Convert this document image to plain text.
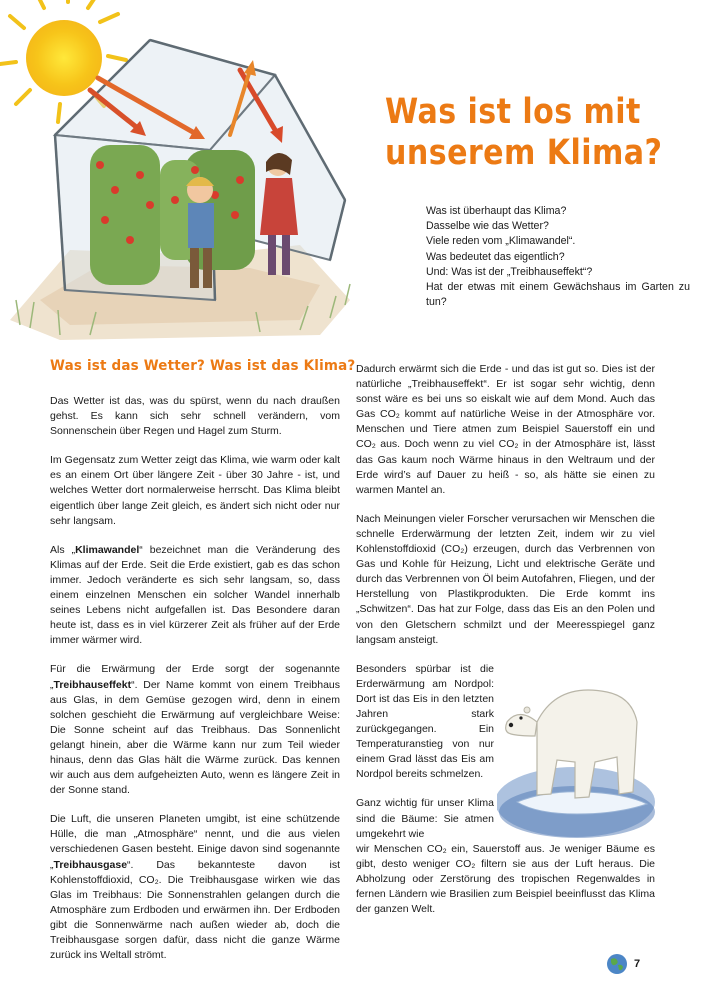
Was ist los mit
unserem Klima?
Was ist überhaupt das Klima?
Dasselbe wie das Wetter?
Viele reden vom „Klimawandel“.
Was bedeutet das eigentlich?
Und: Was ist der „Treibhauseffekt“?
Hat der etwas mit einem Gewächshaus im Garten zu tun?
Was ist das Wetter? Was ist das Klima?

Das Wetter ist das, was du spürst, wenn du nach draußen gehst. Es kann sich sehr schnell verändern, vom Sonnenschein über Regen und Hagel zum Sturm.

Im Gegensatz zum Wetter zeigt das Klima, wie warm oder kalt es an einem Ort über längere Zeit - über 30 Jahre - ist, und welches Wetter dort normalerweise herrscht. Das Klima bleibt eigentlich über lange Zeit gleich, es ändert sich nicht oder nur sehr langsam.

Als „Klimawandel“ bezeichnet man die Veränderung des Klimas auf der Erde. Seit die Erde existiert, gab es das schon immer. Jedoch veränderte es sich sehr langsam, so, dass einem einzelnen Menschen ein solcher Wandel innerhalb seines Lebens nicht aufgefallen ist. Das Besondere daran heute ist, dass es in viel kürzerer Zeit als früher auf der Erde immer wärmer wird.

Für die Erwärmung der Erde sorgt der sogenannte „Treibhauseffekt“. Der Name kommt von einem Treibhaus aus Glas, in dem Gemüse gezogen wird, denn in einem solchen geschieht die Erwärmung auf vergleichbare Weise: Die Sonne scheint auf das Treibhaus. Das Sonnenlicht gelangt hinein, aber die Wärme kann nur zum Teil wieder hinaus, denn das Glas hält die Wärme zurück. Das kennen wir auch aus dem aufgeheizten Auto, wenn es längere Zeit in der Sonne stand.

Die Luft, die unseren Planeten umgibt, ist eine schützende Hülle, die man „Atmosphäre“ nennt, und die aus vielen verschiedenen Gasen besteht. Einige davon sind sogenannte „Treibhausgase“. Das bekannteste davon ist Kohlenstoffdioxid, CO₂. Die Treibhausgase wirken wie das Glas im Treibhaus: Die Sonnenstrahlen gelangen durch die Atmosphäre zum Erdboden und erwärmen ihn. Der Erdboden gibt die Sonnenwärme nach außen wieder ab, doch die Treibhausgase sorgen dafür, dass nicht die ganze Wärme zurück ins Weltall strömt.

Dadurch erwärmt sich die Erde - und das ist gut so. Dies ist der natürliche „Treibhauseffekt“. Er ist sogar sehr wichtig, denn sonst wäre es bei uns so eiskalt wie auf dem Mond. Auch das Gas CO₂ kommt auf natürliche Weise in der Atmosphäre vor. Menschen und Tiere atmen zum Beispiel Sauerstoff ein und CO₂ aus. Doch wenn zu viel CO₂ in der Atmosphäre ist, lässt das Gas kaum noch Wärme hinaus in den Weltraum und der Erde wird’s auf Dauer zu heiß - so, als hätte sie einen zu warmen Mantel an.

Nach Meinungen vieler Forscher verursachen wir Menschen die schnelle Erderwärmung der letzten Zeit, indem wir zu viel Kohlenstoffdioxid (CO₂) erzeugen, durch das Verbrennen von Gas und Kohle für Heizung, Licht und elektrische Geräte und durch das Verbrennen von Öl beim Autofahren, Fliegen, und der Herstellung von Plastikprodukten. Die Erde kommt ins „Schwitzen“. Das hat zur Folge, dass das Eis an den Polen und von den Gletschern schmilzt und der Meeresspiegel ganz langsam ansteigt.

Besonders spürbar ist die Erderwärmung am Nordpol: Dort ist das Eis in den letzten Jahren stark zurückgegangen. Ein Temperaturanstieg von nur einem Grad lässt das Eis am Nordpol bereits schmelzen.

Ganz wichtig für unser Klima sind die Bäume: Sie atmen umgekehrt wie

wir Menschen CO₂ ein, Sauerstoff aus. Je weniger Bäume es gibt, desto weniger CO₂ filtern sie aus der Luft heraus. Die Abholzung oder Zerstörung des tropischen Regenwaldes in fernen Ländern wie Brasilien zum Beispiel beeinflusst das Klima der ganzen Welt.

7
